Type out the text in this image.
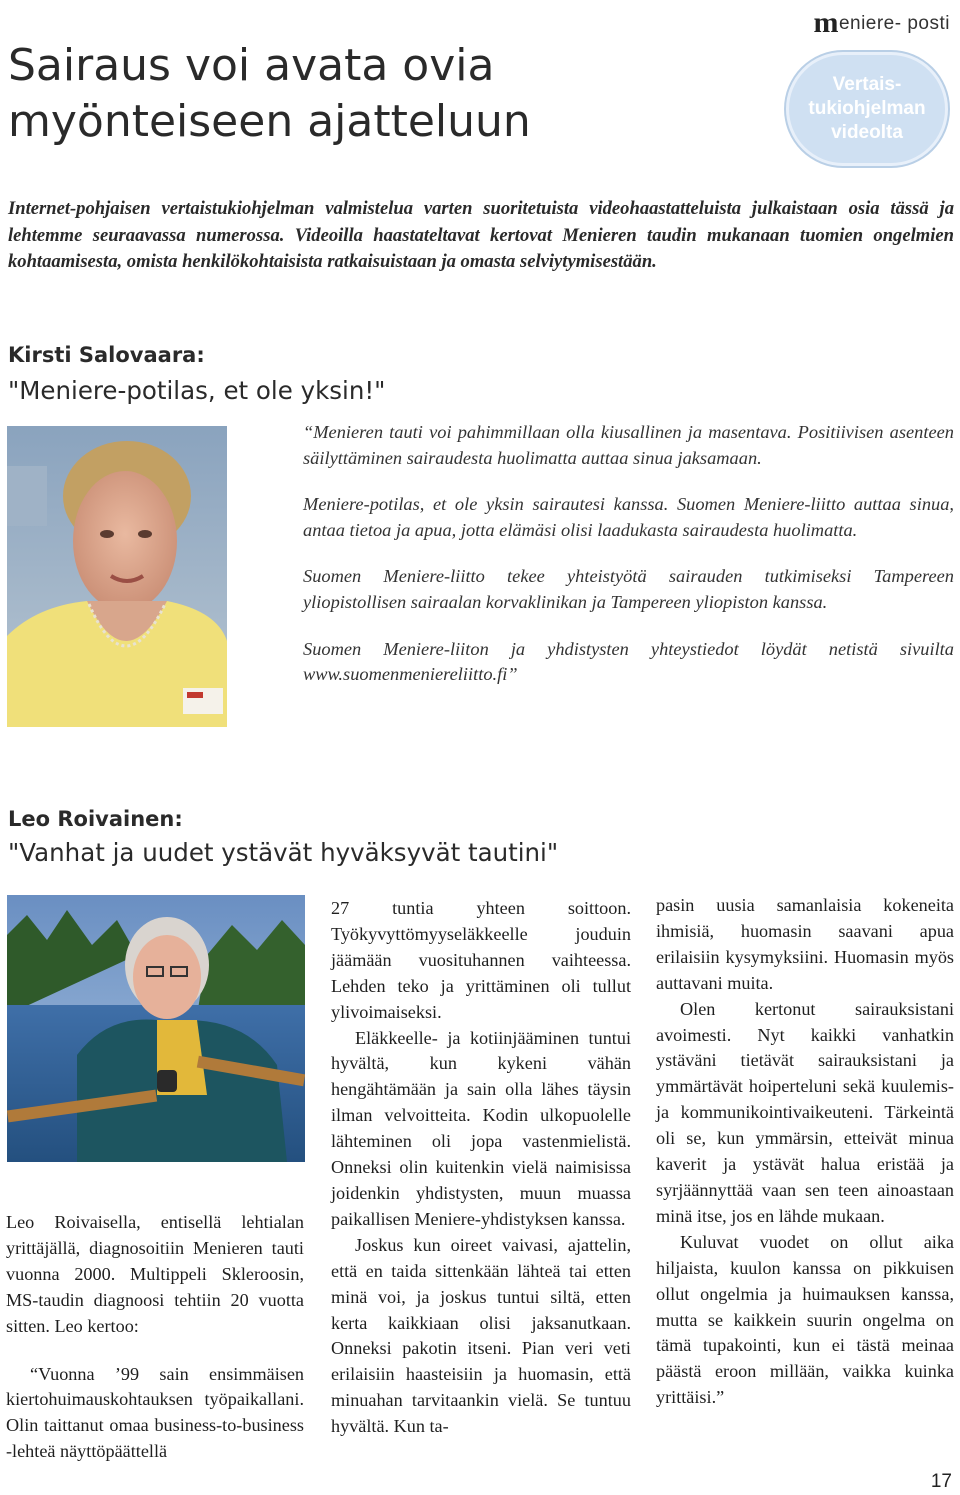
meniere- posti
Vertais-
tukiohjelman
videolta
Sairaus voi avata ovia
myönteiseen ajatteluun

Internet-pohjaisen vertaistukiohjelman valmistelua varten suoritetuista videohaastatteluista julkaistaan osia tässä ja lehtemme seuraavassa numerossa. Videoilla haastateltavat kertovat Menieren taudin mukanaan tuomien ongelmien kohtaamisesta, omista henkilökohtaisista ratkaisuistaan ja omasta selviytymisestään.

Kirsti Salovaara:
"Meniere-potilas, et ole yksin!"

“Menieren tauti voi pahimmillaan olla kiusallinen ja masentava. Positiivisen asenteen säilyttäminen sairaudesta huolimatta auttaa sinua jaksamaan.

Meniere-potilas, et ole yksin sairautesi kanssa. Suomen Meniere-liitto auttaa sinua, antaa tietoa ja apua, jotta elämäsi olisi laadukasta sairaudesta huolimatta.

Suomen Meniere-liitto tekee yhteistyötä sairauden tutkimiseksi Tampereen yliopistollisen sairaalan korvaklinikan ja Tampereen yliopiston kanssa.

Suomen Meniere-liiton ja yhdistysten yhteystiedot löydät netistä sivuilta www.suomenmeniereliitto.fi”

Leo Roivainen:
"Vanhat ja uudet ystävät hyväksyvät tautini"

Leo Roivaisella, entisellä lehtialan yrittäjällä, diagnosoitiin Menieren tauti vuonna 2000. Multippeli Skleroosin, MS-taudin diagnoosi tehtiin 20 vuotta sitten. Leo kertoo:

“Vuonna ’99 sain ensimmäisen kiertohuimauskohtauksen työpaikallani. Olin taittanut omaa business-to-business -lehteä näyttöpäättellä

27 tuntia yhteen soittoon. Työkyvyttömyyseläkkeelle jouduin jäämään vuosituhannen vaihteessa. Lehden teko ja yrittäminen oli tullut ylivoimaiseksi.

Eläkkeelle- ja kotiinjääminen tuntui hyvältä, kun kykeni vähän hengähtämään ja sain olla lähes täysin ilman velvoitteita. Kodin ulkopuolelle lähteminen oli jopa vastenmielistä. Onneksi olin kuitenkin vielä naimisissa joidenkin yhdistysten, muun muassa paikallisen Meniere-yhdistyksen kanssa.

Joskus kun oireet vaivasi, ajattelin, että en taida sittenkään lähteä tai etten minä voi, ja joskus tuntui siltä, etten kerta kaikkiaan olisi jaksanutkaan. Onneksi pakotin itseni. Pian veri veti erilaisiin haasteisiin ja huomasin, että minuahan tarvitaankin vielä. Se tuntuu hyvältä. Kun ta-

pasin uusia samanlaisia kokeneita ihmisiä, huomasin saavani apua erilaisiin kysymyksiini. Huomasin myös auttavani muita.

Olen kertonut sairauksistani avoimesti. Nyt kaikki vanhatkin ystäväni tietävät sairauksistani ja ymmärtävät hoiperteluni sekä kuulemis- ja kommunikointivaikeuteni. Tärkeintä oli se, kun ymmärsin, etteivät minua kaverit ja ystävät halua eristää ja syrjäännyttää vaan sen teen ainoastaan minä itse, jos en lähde mukaan.

Kuluvat vuodet on ollut aika hiljaista, kuulon kanssa on pikkuisen ollut ongelmia ja huimauksen kanssa, mutta se kaikkein suurin ongelma on tämä tupakointi, kun ei tästä meinaa päästä eroon millään, vaikka kuinka yrittäisi.”

17
